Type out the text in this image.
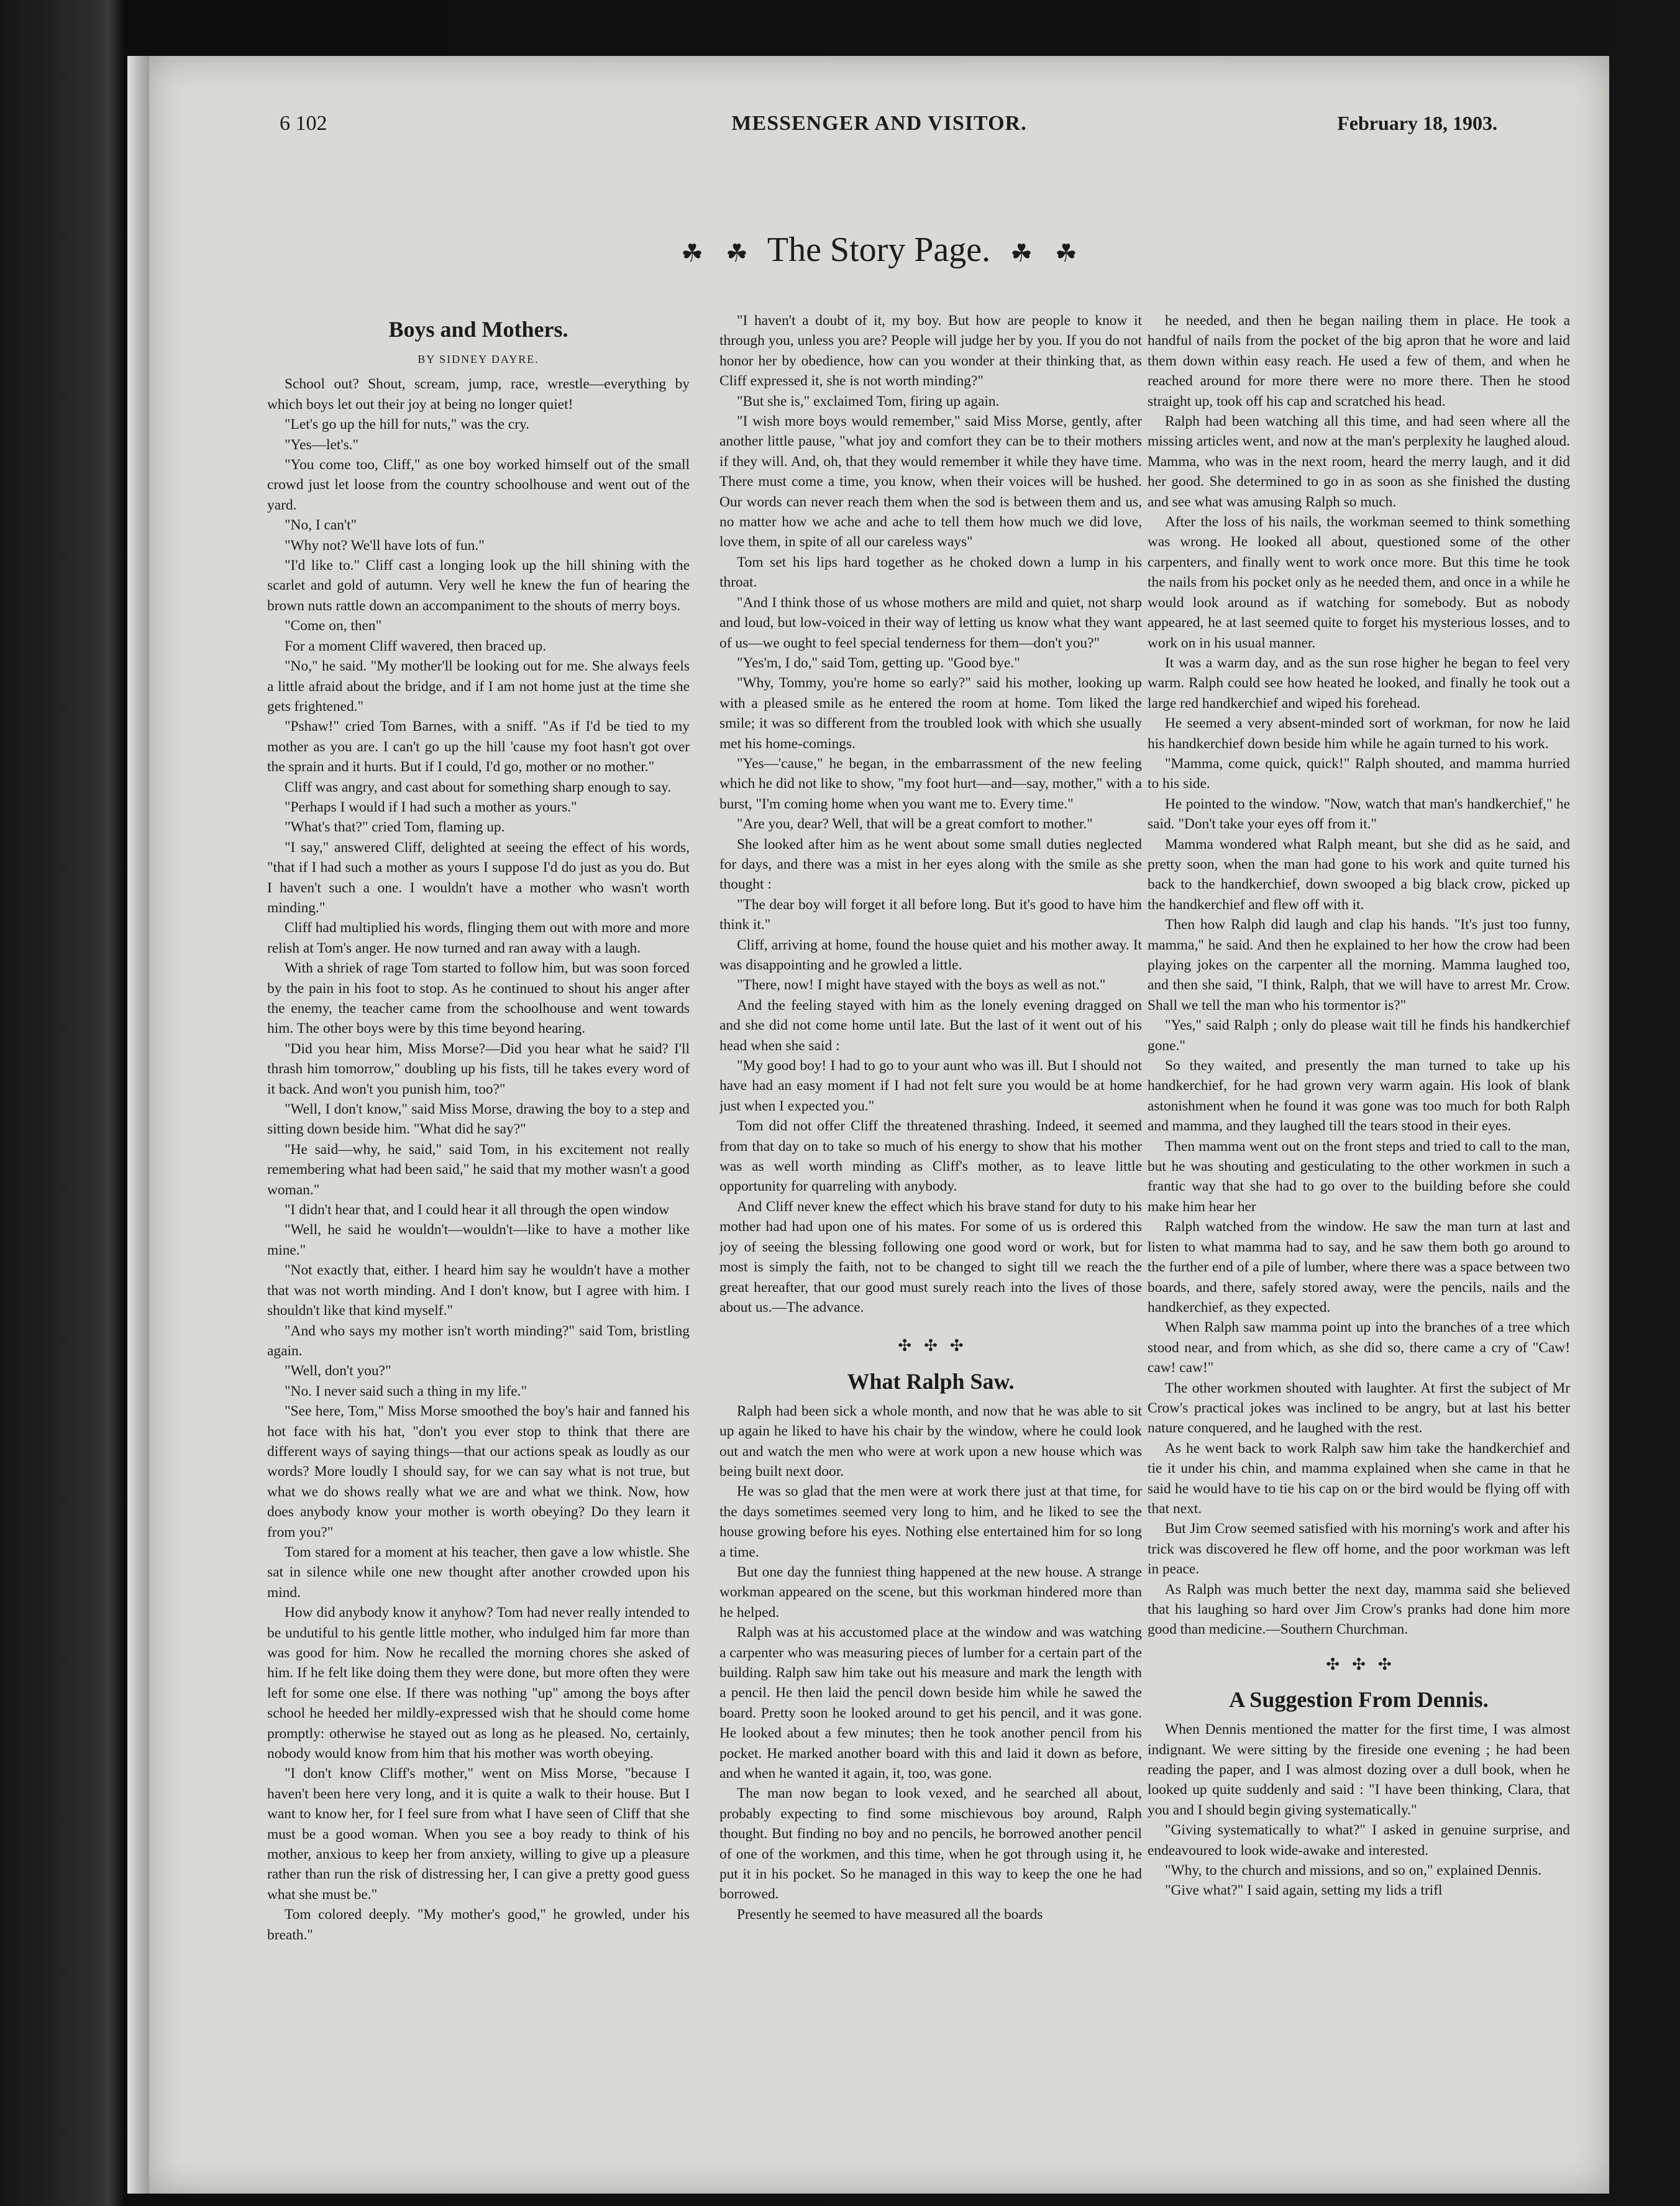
6 102	MESSENGER AND VISITOR.	February 18, 1903.
☘ ☘ The Story Page. ☘ ☘
Boys and Mothers.
BY SIDNEY DAYRE.

School out? Shout, scream, jump, race, wrestle—everything by which boys let out their joy at being no longer quiet!

"Let's go up the hill for nuts," was the cry.

"Yes—let's."

"You come too, Cliff," as one boy worked himself out of the small crowd just let loose from the country schoolhouse and went out of the yard.

"No, I can't"

"Why not? We'll have lots of fun."

"I'd like to." Cliff cast a longing look up the hill shining with the scarlet and gold of autumn. Very well he knew the fun of hearing the brown nuts rattle down an accompaniment to the shouts of merry boys.

"Come on, then"

For a moment Cliff wavered, then braced up.

"No," he said. "My mother'll be looking out for me. She always feels a little afraid about the bridge, and if I am not home just at the time she gets frightened."

"Pshaw!" cried Tom Barnes, with a sniff. "As if I'd be tied to my mother as you are. I can't go up the hill 'cause my foot hasn't got over the sprain and it hurts. But if I could, I'd go, mother or no mother."

Cliff was angry, and cast about for something sharp enough to say.

"Perhaps I would if I had such a mother as yours."

"What's that?" cried Tom, flaming up.

"I say," answered Cliff, delighted at seeing the effect of his words, "that if I had such a mother as yours I suppose I'd do just as you do. But I haven't such a one. I wouldn't have a mother who wasn't worth minding."

Cliff had multiplied his words, flinging them out with more and more relish at Tom's anger. He now turned and ran away with a laugh.

With a shriek of rage Tom started to follow him, but was soon forced by the pain in his foot to stop. As he continued to shout his anger after the enemy, the teacher came from the schoolhouse and went towards him. The other boys were by this time beyond hearing.

"Did you hear him, Miss Morse?—Did you hear what he said? I'll thrash him tomorrow," doubling up his fists, till he takes every word of it back. And won't you punish him, too?"

"Well, I don't know," said Miss Morse, drawing the boy to a step and sitting down beside him. "What did he say?"

"He said—why, he said," said Tom, in his excitement not really remembering what had been said," he said that my mother wasn't a good woman."

"I didn't hear that, and I could hear it all through the open window

"Well, he said he wouldn't—wouldn't—like to have a mother like mine."

"Not exactly that, either. I heard him say he wouldn't have a mother that was not worth minding. And I don't know, but I agree with him. I shouldn't like that kind myself."

"And who says my mother isn't worth minding?" said Tom, bristling again.

"Well, don't you?"

"No. I never said such a thing in my life."

"See here, Tom," Miss Morse smoothed the boy's hair and fanned his hot face with his hat, "don't you ever stop to think that there are different ways of saying things—that our actions speak as loudly as our words? More loudly I should say, for we can say what is not true, but what we do shows really what we are and what we think. Now, how does anybody know your mother is worth obeying? Do they learn it from you?"

Tom stared for a moment at his teacher, then gave a low whistle. She sat in silence while one new thought after another crowded upon his mind.

How did anybody know it anyhow? Tom had never really intended to be undutiful to his gentle little mother, who indulged him far more than was good for him. Now he recalled the morning chores she asked of him. If he felt like doing them they were done, but more often they were left for some one else. If there was nothing "up" among the boys after school he heeded her mildly-expressed wish that he should come home promptly: otherwise he stayed out as long as he pleased. No, certainly, nobody would know from him that his mother was worth obeying.

"I don't know Cliff's mother," went on Miss Morse, "because I haven't been here very long, and it is quite a walk to their house. But I want to know her, for I feel sure from what I have seen of Cliff that she must be a good woman. When you see a boy ready to think of his mother, anxious to keep her from anxiety, willing to give up a pleasure rather than run the risk of distressing her, I can give a pretty good guess what she must be."

Tom colored deeply. "My mother's good," he growled, under his breath."

"I haven't a doubt of it, my boy. But how are people to know it through you, unless you are? People will judge her by you. If you do not honor her by obedience, how can you wonder at their thinking that, as Cliff expressed it, she is not worth minding?"

"But she is," exclaimed Tom, firing up again.

"I wish more boys would remember," said Miss Morse, gently, after another little pause, "what joy and comfort they can be to their mothers if they will. And, oh, that they would remember it while they have time. There must come a time, you know, when their voices will be hushed. Our words can never reach them when the sod is between them and us, no matter how we ache and ache to tell them how much we did love, love them, in spite of all our careless ways"

Tom set his lips hard together as he choked down a lump in his throat.

"And I think those of us whose mothers are mild and quiet, not sharp and loud, but low-voiced in their way of letting us know what they want of us—we ought to feel special tenderness for them—don't you?"

"Yes'm, I do," said Tom, getting up. "Good bye."

"Why, Tommy, you're home so early?" said his mother, looking up with a pleased smile as he entered the room at home. Tom liked the smile; it was so different from the troubled look with which she usually met his home-comings.

"Yes—'cause," he began, in the embarrassment of the new feeling which he did not like to show, "my foot hurt—and—say, mother," with a burst, "I'm coming home when you want me to. Every time."

"Are you, dear? Well, that will be a great comfort to mother."

She looked after him as he went about some small duties neglected for days, and there was a mist in her eyes along with the smile as she thought :

"The dear boy will forget it all before long. But it's good to have him think it."

Cliff, arriving at home, found the house quiet and his mother away. It was disappointing and he growled a little.

"There, now! I might have stayed with the boys as well as not."

And the feeling stayed with him as the lonely evening dragged on and she did not come home until late. But the last of it went out of his head when she said :

"My good boy! I had to go to your aunt who was ill. But I should not have had an easy moment if I had not felt sure you would be at home just when I expected you."

Tom did not offer Cliff the threatened thrashing. Indeed, it seemed from that day on to take so much of his energy to show that his mother was as well worth minding as Cliff's mother, as to leave little opportunity for quarreling with anybody.

And Cliff never knew the effect which his brave stand for duty to his mother had had upon one of his mates. For some of us is ordered this joy of seeing the blessing following one good word or work, but for most is simply the faith, not to be changed to sight till we reach the great hereafter, that our good must surely reach into the lives of those about us.—The advance.

✣ ✣ ✣
What Ralph Saw.

Ralph had been sick a whole month, and now that he was able to sit up again he liked to have his chair by the window, where he could look out and watch the men who were at work upon a new house which was being built next door.

He was so glad that the men were at work there just at that time, for the days sometimes seemed very long to him, and he liked to see the house growing before his eyes. Nothing else entertained him for so long a time.

But one day the funniest thing happened at the new house. A strange workman appeared on the scene, but this workman hindered more than he helped.

Ralph was at his accustomed place at the window and was watching a carpenter who was measuring pieces of lumber for a certain part of the building. Ralph saw him take out his measure and mark the length with a pencil. He then laid the pencil down beside him while he sawed the board. Pretty soon he looked around to get his pencil, and it was gone. He looked about a few minutes; then he took another pencil from his pocket. He marked another board with this and laid it down as before, and when he wanted it again, it, too, was gone.

The man now began to look vexed, and he searched all about, probably expecting to find some mischievous boy around, Ralph thought. But finding no boy and no pencils, he borrowed another pencil of one of the workmen, and this time, when he got through using it, he put it in his pocket. So he managed in this way to keep the one he had borrowed.

Presently he seemed to have measured all the boards

he needed, and then he began nailing them in place. He took a handful of nails from the pocket of the big apron that he wore and laid them down within easy reach. He used a few of them, and when he reached around for more there were no more there. Then he stood straight up, took off his cap and scratched his head.

Ralph had been watching all this time, and had seen where all the missing articles went, and now at the man's perplexity he laughed aloud. Mamma, who was in the next room, heard the merry laugh, and it did her good. She determined to go in as soon as she finished the dusting and see what was amusing Ralph so much.

After the loss of his nails, the workman seemed to think something was wrong. He looked all about, questioned some of the other carpenters, and finally went to work once more. But this time he took the nails from his pocket only as he needed them, and once in a while he would look around as if watching for somebody. But as nobody appeared, he at last seemed quite to forget his mysterious losses, and to work on in his usual manner.

It was a warm day, and as the sun rose higher he began to feel very warm. Ralph could see how heated he looked, and finally he took out a large red handkerchief and wiped his forehead.

He seemed a very absent-minded sort of workman, for now he laid his handkerchief down beside him while he again turned to his work.

"Mamma, come quick, quick!" Ralph shouted, and mamma hurried to his side.

He pointed to the window. "Now, watch that man's handkerchief," he said. "Don't take your eyes off from it."

Mamma wondered what Ralph meant, but she did as he said, and pretty soon, when the man had gone to his work and quite turned his back to the handkerchief, down swooped a big black crow, picked up the handkerchief and flew off with it.

Then how Ralph did laugh and clap his hands. "It's just too funny, mamma," he said. And then he explained to her how the crow had been playing jokes on the carpenter all the morning. Mamma laughed too, and then she said, "I think, Ralph, that we will have to arrest Mr. Crow. Shall we tell the man who his tormentor is?"

"Yes," said Ralph ; only do please wait till he finds his handkerchief gone."

So they waited, and presently the man turned to take up his handkerchief, for he had grown very warm again. His look of blank astonishment when he found it was gone was too much for both Ralph and mamma, and they laughed till the tears stood in their eyes.

Then mamma went out on the front steps and tried to call to the man, but he was shouting and gesticulating to the other workmen in such a frantic way that she had to go over to the building before she could make him hear her

Ralph watched from the window. He saw the man turn at last and listen to what mamma had to say, and he saw them both go around to the further end of a pile of lumber, where there was a space between two boards, and there, safely stored away, were the pencils, nails and the handkerchief, as they expected.

When Ralph saw mamma point up into the branches of a tree which stood near, and from which, as she did so, there came a cry of "Caw! caw! caw!"

The other workmen shouted with laughter. At first the subject of Mr Crow's practical jokes was inclined to be angry, but at last his better nature conquered, and he laughed with the rest.

As he went back to work Ralph saw him take the handkerchief and tie it under his chin, and mamma explained when she came in that he said he would have to tie his cap on or the bird would be flying off with that next.

But Jim Crow seemed satisfied with his morning's work and after his trick was discovered he flew off home, and the poor workman was left in peace.

As Ralph was much better the next day, mamma said she believed that his laughing so hard over Jim Crow's pranks had done him more good than medicine.—Southern Churchman.

✣ ✣ ✣
A Suggestion From Dennis.

When Dennis mentioned the matter for the first time, I was almost indignant. We were sitting by the fireside one evening ; he had been reading the paper, and I was almost dozing over a dull book, when he looked up quite suddenly and said : "I have been thinking, Clara, that you and I should begin giving systematically."

"Giving systematically to what?" I asked in genuine surprise, and endeavoured to look wide-awake and interested.

"Why, to the church and missions, and so on," explained Dennis.

"Give what?" I said again, setting my lids a trifl
